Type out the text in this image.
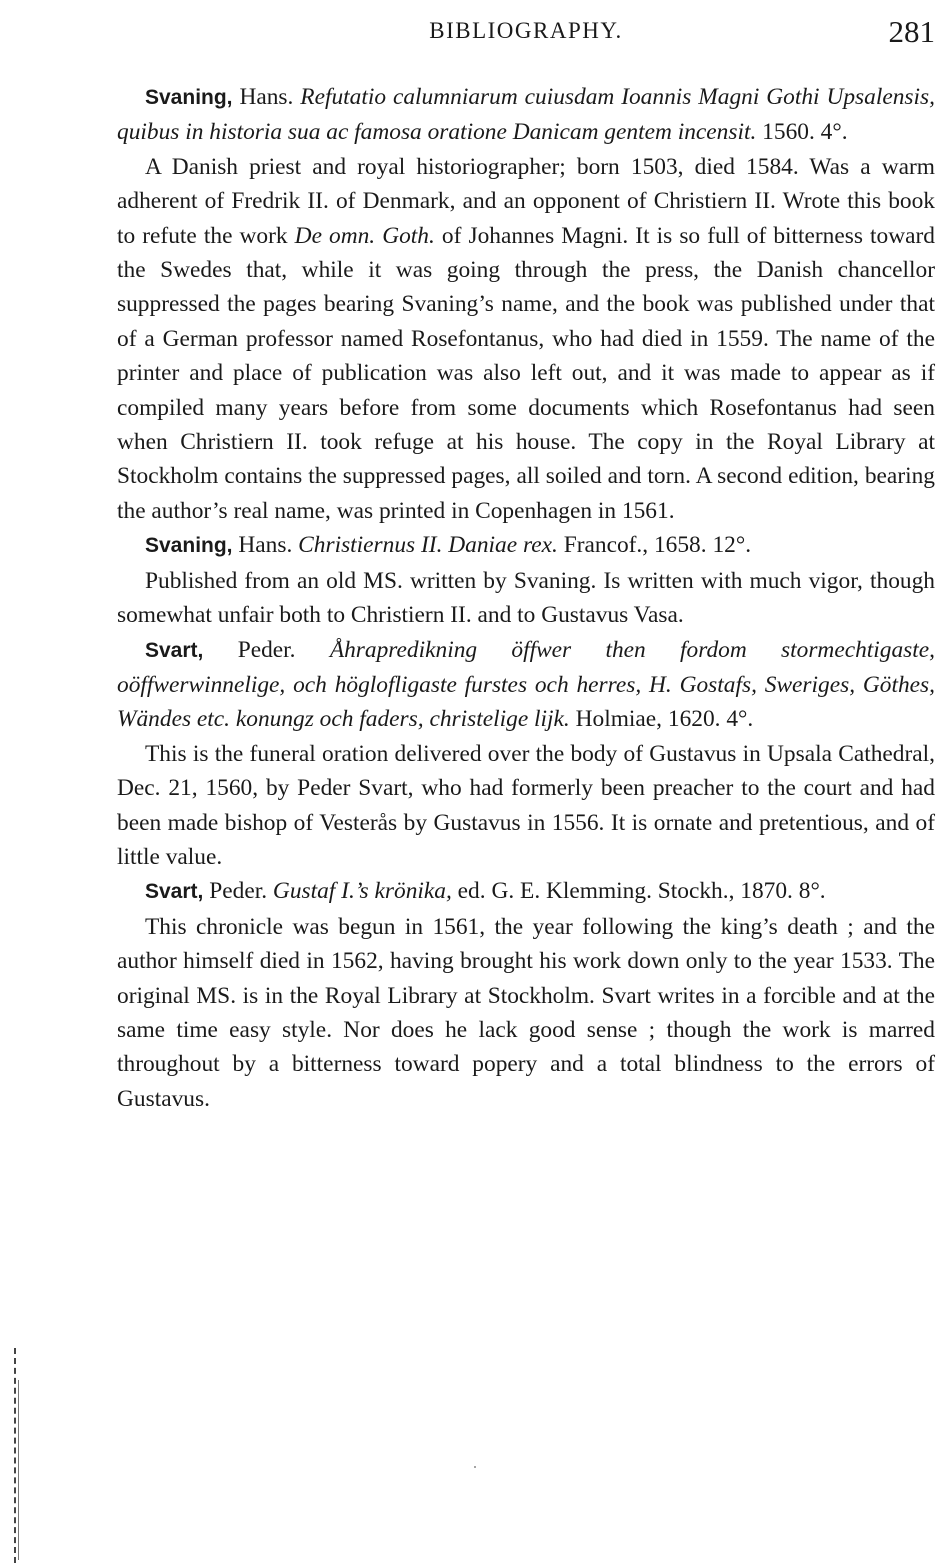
BIBLIOGRAPHY.	281

Svaning, Hans. Refutatio calumniarum cuiusdam Ioannis Magni Gothi Upsalensis, quibus in historia sua ac famosa oratione Danicam gentem incensit. 1560. 4°.

A Danish priest and royal historiographer; born 1503, died 1584. Was a warm adherent of Fredrik II. of Denmark, and an opponent of Christiern II. Wrote this book to refute the work De omn. Goth. of Johannes Magni. It is so full of bitterness toward the Swedes that, while it was going through the press, the Danish chancellor suppressed the pages bearing Svaning’s name, and the book was published under that of a German professor named Rosefontanus, who had died in 1559. The name of the printer and place of publication was also left out, and it was made to appear as if compiled many years before from some documents which Rosefontanus had seen when Christiern II. took refuge at his house. The copy in the Royal Library at Stockholm contains the suppressed pages, all soiled and torn. A second edition, bearing the author’s real name, was printed in Copenhagen in 1561.

Svaning, Hans. Christiernus II. Daniae rex. Francof., 1658. 12°.

Published from an old MS. written by Svaning. Is written with much vigor, though somewhat unfair both to Christiern II. and to Gustavus Vasa.

Svart, Peder. Åhrapredikning öffwer then fordom stormechtigaste, oöffwerwinnelige, och höglofligaste furstes och herres, H. Gostafs, Sweriges, Göthes, Wändes etc. konungz och faders, christelige lijk. Holmiae, 1620. 4°.

This is the funeral oration delivered over the body of Gustavus in Upsala Cathedral, Dec. 21, 1560, by Peder Svart, who had formerly been preacher to the court and had been made bishop of Vesterås by Gustavus in 1556. It is ornate and pretentious, and of little value.

Svart, Peder. Gustaf I.’s krönika, ed. G. E. Klemming. Stockh., 1870. 8°.

This chronicle was begun in 1561, the year following the king’s death ; and the author himself died in 1562, having brought his work down only to the year 1533. The original MS. is in the Royal Library at Stockholm. Svart writes in a forcible and at the same time easy style. Nor does he lack good sense ; though the work is marred throughout by a bitterness toward popery and a total blindness to the errors of Gustavus.
